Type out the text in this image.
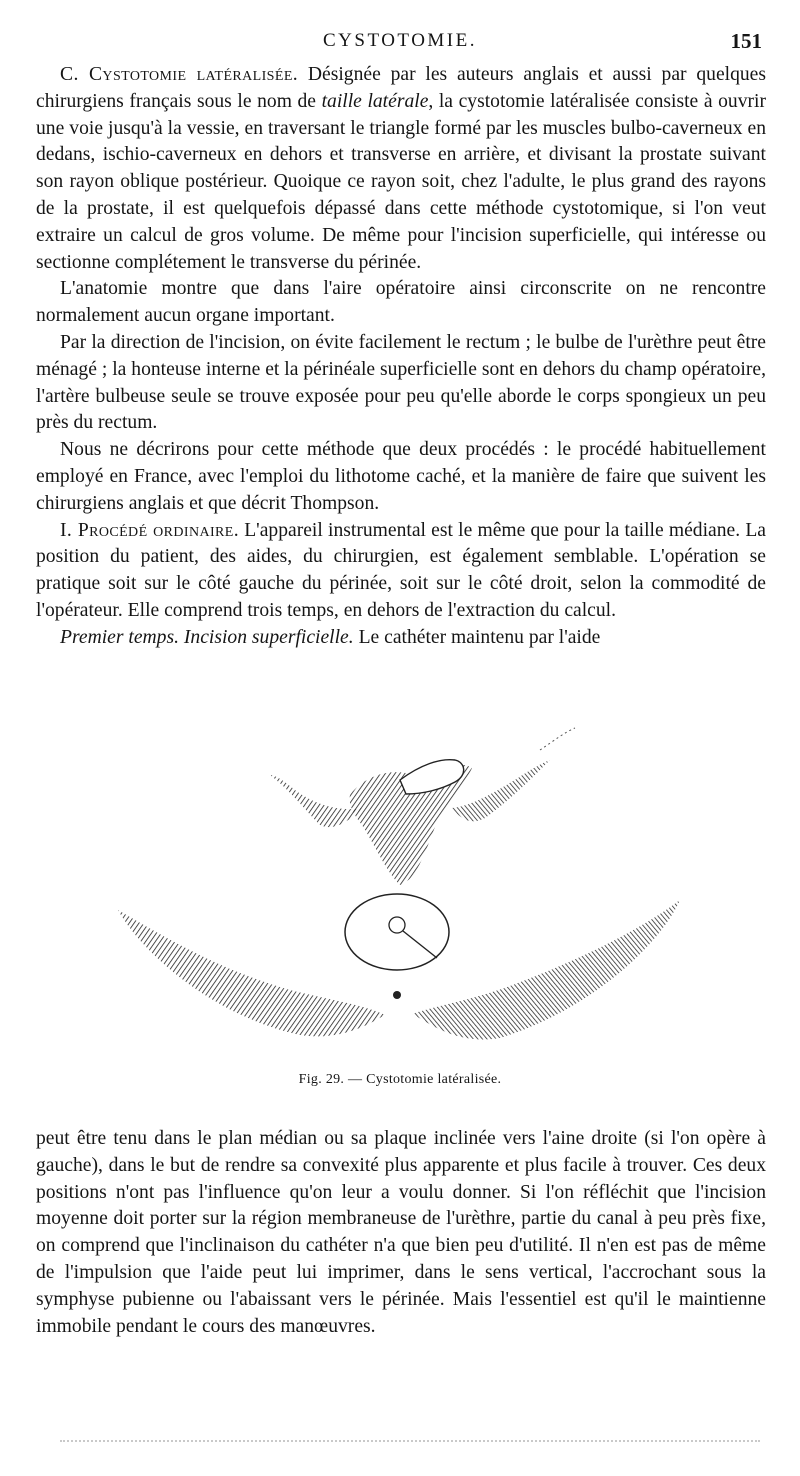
CYSTOTOMIE.	151

C. Cystotomie latéralisée. Désignée par les auteurs anglais et aussi par quelques chirurgiens français sous le nom de taille latérale, la cystotomie latéralisée consiste à ouvrir une voie jusqu'à la vessie, en traversant le triangle formé par les muscles bulbo-caverneux en dedans, ischio-caverneux en dehors et transverse en arrière, et divisant la prostate suivant son rayon oblique postérieur. Quoique ce rayon soit, chez l'adulte, le plus grand des rayons de la prostate, il est quelquefois dépassé dans cette méthode cystotomique, si l'on veut extraire un calcul de gros volume. De même pour l'incision superficielle, qui intéresse ou sectionne complétement le transverse du périnée.

L'anatomie montre que dans l'aire opératoire ainsi circonscrite on ne rencontre normalement aucun organe important.

Par la direction de l'incision, on évite facilement le rectum ; le bulbe de l'urèthre peut être ménagé ; la honteuse interne et la périnéale superficielle sont en dehors du champ opératoire, l'artère bulbeuse seule se trouve exposée pour peu qu'elle aborde le corps spongieux un peu près du rectum.

Nous ne décrirons pour cette méthode que deux procédés : le procédé habituellement employé en France, avec l'emploi du lithotome caché, et la manière de faire que suivent les chirurgiens anglais et que décrit Thompson.

I. Procédé ordinaire. L'appareil instrumental est le même que pour la taille médiane. La position du patient, des aides, du chirurgien, est également semblable. L'opération se pratique soit sur le côté gauche du périnée, soit sur le côté droit, selon la commodité de l'opérateur. Elle comprend trois temps, en dehors de l'extraction du calcul.

Premier temps. Incision superficielle. Le cathéter maintenu par l'aide

Fig. 29. — Cystotomie latéralisée.

peut être tenu dans le plan médian ou sa plaque inclinée vers l'aine droite (si l'on opère à gauche), dans le but de rendre sa convexité plus apparente et plus facile à trouver. Ces deux positions n'ont pas l'influence qu'on leur a voulu donner. Si l'on réfléchit que l'incision moyenne doit porter sur la région membraneuse de l'urèthre, partie du canal à peu près fixe, on comprend que l'inclinaison du cathéter n'a que bien peu d'utilité. Il n'en est pas de même de l'impulsion que l'aide peut lui imprimer, dans le sens vertical, l'accrochant sous la symphyse pubienne ou l'abaissant vers le périnée. Mais l'essentiel est qu'il le maintienne immobile pendant le cours des manœuvres.
